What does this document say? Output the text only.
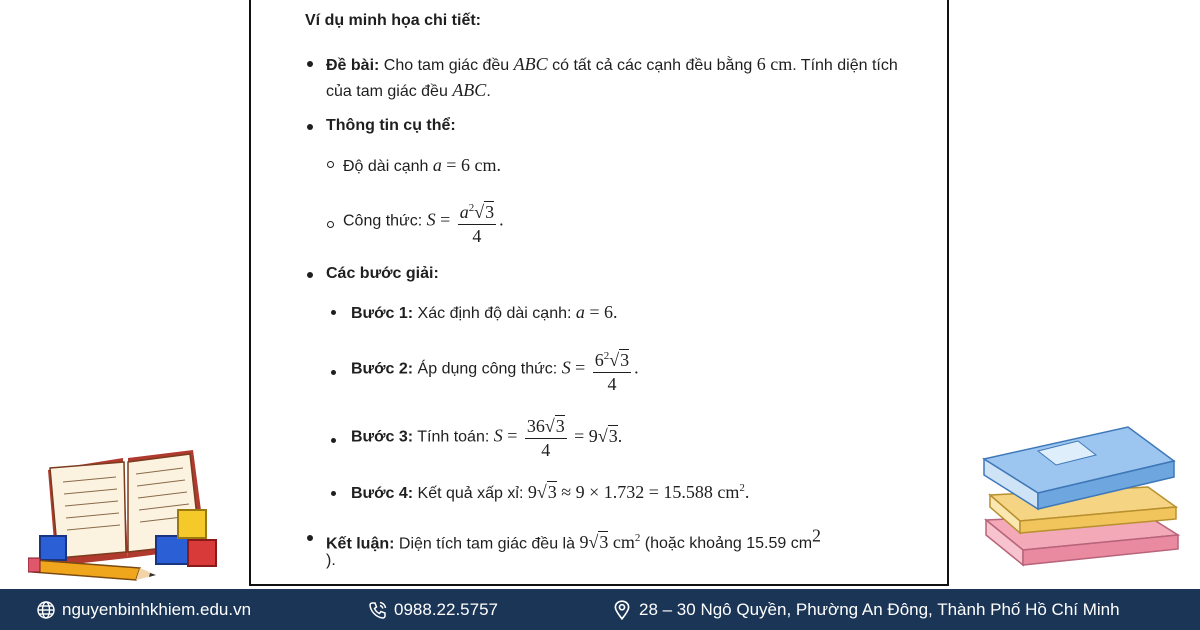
Ví dụ minh họa chi tiết:
Đề bài: Cho tam giác đều ABC có tất cả các cạnh đều bằng 6 cm. Tính diện tích
của tam giác đều ABC.
Thông tin cụ thể:
Độ dài cạnh a = 6 cm.
Công thức: $S = \frac{a^2√3}{4}$ .
Các bước giải:
Bước 1: Xác định độ dài cạnh: a = 6.
Bước 2: Áp dụng công thức: $S = \frac{6^2√3}{4}$ .
Bước 3: Tính toán: $S = \frac{36√3}{4} = 9√3$.
Bước 4: Kết quả xấp xỉ: 9√3 ≈ 9 × 1.732 = 15.588 $cm^2$.
Kết luận: Diện tích tam giác đều là 9√3 $cm^2$ (hoặc khoảng 15.59 $cm^2$
).
nguyenbinhkhiem.edu.vn	0988.22.5757	28 – 30 Ngô Quyền, Phường An Đông, Thành Phố Hồ Chí Minh
